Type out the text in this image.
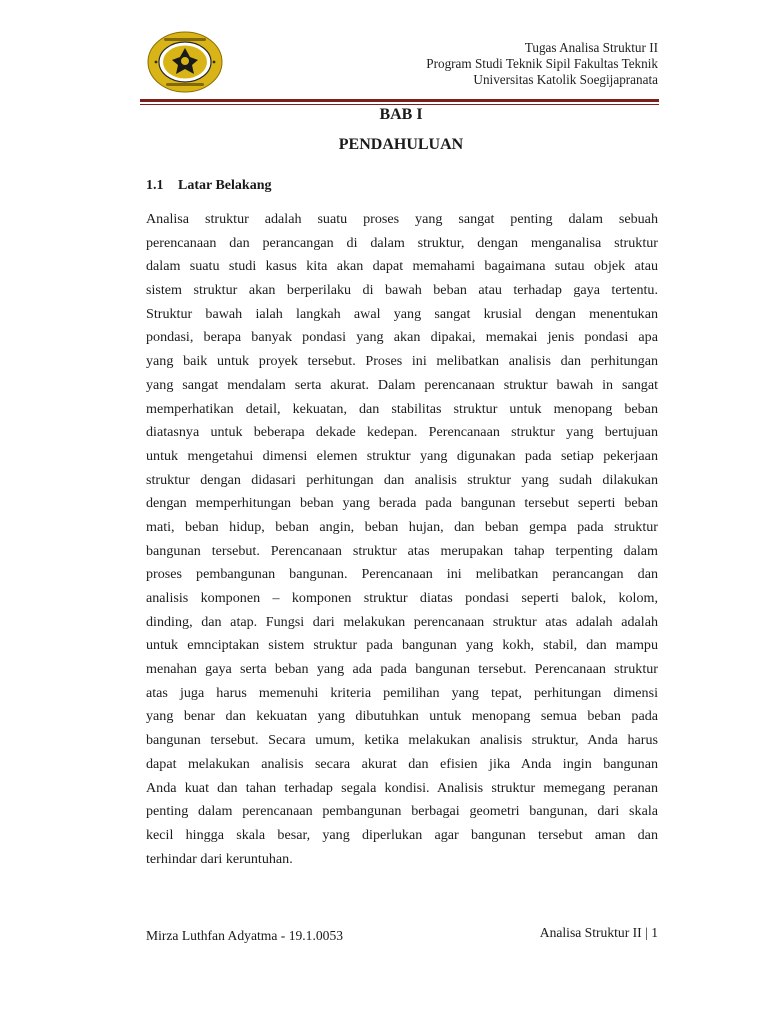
Tugas Analisa Struktur II
Program Studi Teknik Sipil Fakultas Teknik
Universitas Katolik Soegijapranata
BAB I
PENDAHULUAN
1.1 Latar Belakang
Analisa struktur adalah suatu proses yang sangat penting dalam sebuah
perencanaan dan perancangan di dalam struktur, dengan menganalisa struktur
dalam suatu studi kasus kita akan dapat memahami bagaimana sutau objek atau
sistem struktur akan berperilaku di bawah beban atau terhadap gaya tertentu.
Struktur bawah ialah langkah awal yang sangat krusial dengan menentukan
pondasi, berapa banyak pondasi yang akan dipakai, memakai jenis pondasi apa
yang baik untuk proyek tersebut. Proses ini melibatkan analisis dan perhitungan
yang sangat mendalam serta akurat. Dalam perencanaan struktur bawah in sangat
memperhatikan detail, kekuatan, dan stabilitas struktur untuk menopang beban
diatasnya untuk beberapa dekade kedepan. Perencanaan struktur yang bertujuan
untuk mengetahui dimensi elemen struktur yang digunakan pada setiap pekerjaan
struktur dengan didasari perhitungan dan analisis struktur yang sudah dilakukan
dengan memperhitungan beban yang berada pada bangunan tersebut seperti beban
mati, beban hidup, beban angin, beban hujan, dan beban gempa pada struktur
bangunan tersebut. Perencanaan struktur atas merupakan tahap terpenting dalam
proses pembangunan bangunan. Perencanaan ini melibatkan perancangan dan
analisis komponen – komponen struktur diatas pondasi seperti balok, kolom,
dinding, dan atap. Fungsi dari melakukan perencanaan struktur atas adalah adalah
untuk emnciptakan sistem struktur pada bangunan yang kokh, stabil, dan mampu
menahan gaya serta beban yang ada pada bangunan tersebut. Perencanaan struktur
atas juga harus memenuhi kriteria pemilihan yang tepat, perhitungan dimensi
yang benar dan kekuatan yang dibutuhkan untuk menopang semua beban pada
bangunan tersebut. Secara umum, ketika melakukan analisis struktur, Anda harus
dapat melakukan analisis secara akurat dan efisien jika Anda ingin bangunan
Anda kuat dan tahan terhadap segala kondisi. Analisis struktur memegang peranan
penting dalam perencanaan pembangunan berbagai geometri bangunan, dari skala
kecil hingga skala besar, yang diperlukan agar bangunan tersebut aman dan
terhindar dari keruntuhan.
Mirza Luthfan Adyatma - 19.1.0053	Analisa Struktur II | 1
